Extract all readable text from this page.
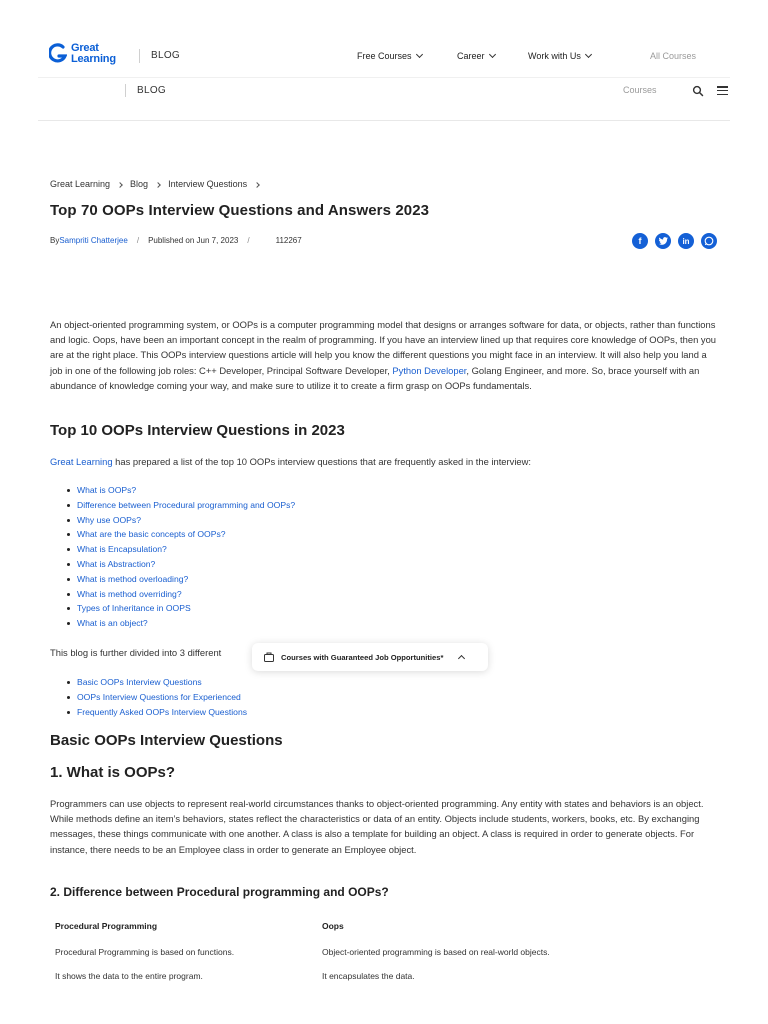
Great
Learning	BLOG	Free Courses	Career	Work with Us	All Courses
BLOG	Courses
Great Learning Blog Interview Questions
Top 70 OOPs Interview Questions and Answers 2023
By Sampriti Chatterjee / Published on Jun 7, 2023 /	112267	f	in
An object-oriented programming system, or OOPs is a computer programming model that designs or arranges software for data, or objects, rather than functions and logic. Oops, have been an important concept in the realm of programming. If you have an interview lined up that requires core knowledge of OOPs, then you are at the right place. This OOPs interview questions article will help you know the different questions you might face in an interview. It will also help you land a job in one of the following job roles: C++ Developer, Principal Software Developer, Python Developer, Golang Engineer, and more. So, brace yourself with an abundance of knowledge coming your way, and make sure to utilize it to create a firm grasp on OOPs fundamentals.
Top 10 OOPs Interview Questions in 2023
Great Learning has prepared a list of the top 10 OOPs interview questions that are frequently asked in the interview:
What is OOPs?
Difference between Procedural programming and OOPs?
Why use OOPs?
What are the basic concepts of OOPs?
What is Encapsulation?
What is Abstraction?
What is method overloading?
What is method overriding?
Types of Inheritance in OOPS
What is an object?
This blog is further divided into 3 different
Basic OOPs Interview Questions
OOPs Interview Questions for Experienced
Frequently Asked OOPs Interview Questions
Courses with Guaranteed Job Opportunities*
Basic OOPs Interview Questions
1. What is OOPs?
Programmers can use objects to represent real-world circumstances thanks to object-oriented programming. Any entity with states and behaviors is an object. While methods define an item’s behaviors, states reflect the characteristics or data of an entity. Objects include students, workers, books, etc. By exchanging messages, these things communicate with one another. A class is also a template for building an object. A class is required in order to generate objects. For instance, there needs to be an Employee class in order to generate an Employee object.
2. Difference between Procedural programming and OOPs?
Procedural Programming	Oops
Procedural Programming is based on functions.	Object-oriented programming is based on real-world objects.
It shows the data to the entire program.	It encapsulates the data.
